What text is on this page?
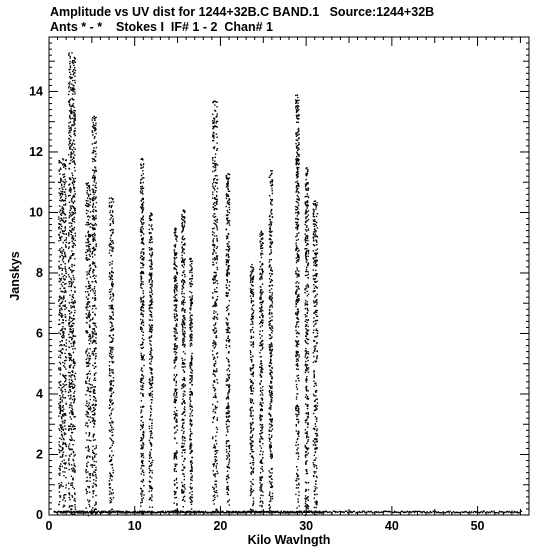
Amplitude vs UV dist for 1244+32B.C BAND.1   Source:1244+32B
Ants * - *    Stokes I  IF# 1 - 2  Chan# 1
0	10	20	30	40	50
0
2
4
6
8
10
12
14
Kilo Wavlngth
Janskys
